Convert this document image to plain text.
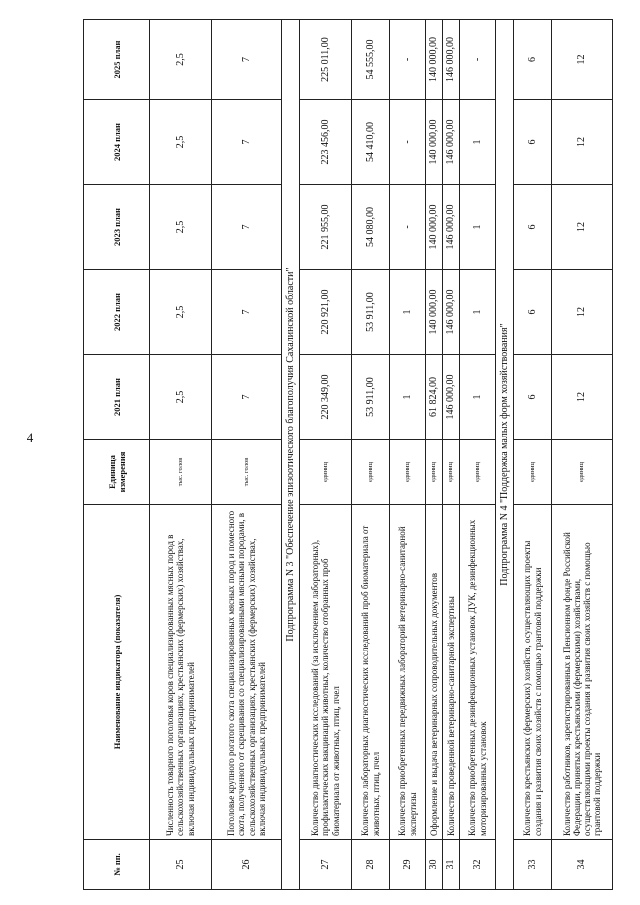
4
№ пп.	Наименование индикатора (показателя)	Единица измерения	2021 план	2022 план	2023 план	2024 план	2025 план
25	Численность товарного поголовья коров специализированных мясных пород в сельскохозяйственных организациях, крестьянских (фермерских) хозяйствах, включая индивидуальных предпринимателей	тыс. голов	2,5	2,5	2,5	2,5	2,5
26	Поголовье крупного рогатого скота специализированных мясных пород и помесного скота, полученного от скрещивания со специализированными мясными породами, в сельскохозяйственных организациях, крестьянских (фермерских) хозяйствах, включая индивидуальных предпринимателей	тыс. голов	7	7	7	7	7
Подпрограмма N 3 "Обеспечение эпизоотического благополучия Сахалинской области"							
27	Количество диагностических исследований (за исключением лабораторных), профилактических вакцинаций животных, количество отобранных проб биоматериала от животных, птиц, пчел	единиц	220 349,00	220 921,00	221 955,00	223 456,00	225 011,00
28	Количество лабораторных диагностических исследований проб биоматериала от животных, птиц, пчел	единиц	53 911,00	53 911,00	54 080,00	54 410,00	54 555,00
29	Количество приобретенных передвижных лабораторий ветеринарно-санитарной экспертизы	единиц	1	1	-	-	-
30	Оформление и выдача ветеринарных сопроводительных документов	единиц	61 824,00	140 000,00	140 000,00	140 000,00	140 000,00
31	Количество проведенной ветеринарно-санитарной экспертизы	единиц	146 000,00	146 000,00	146 000,00	146 000,00	146 000,00
32	Количество приобретенных дезинфекционных установок ДУК, дезинфекционных моторизированных установок	единиц	1	1	1	1	-
Подпрограмма N 4 "Поддержка малых форм хозяйствования"							
33	Количество крестьянских (фермерских) хозяйств, осуществляющих проекты создания и развития своих хозяйств с помощью грантовой поддержки	единиц	6	6	6	6	6
34	Количество работников, зарегистрированных в Пенсионном фонде Российской Федерации, принятых крестьянскими (фермерскими) хозяйствами, осуществляющими проекты создания и развития своих хозяйств с помощью грантовой поддержки	единиц	12	12	12	12	12
